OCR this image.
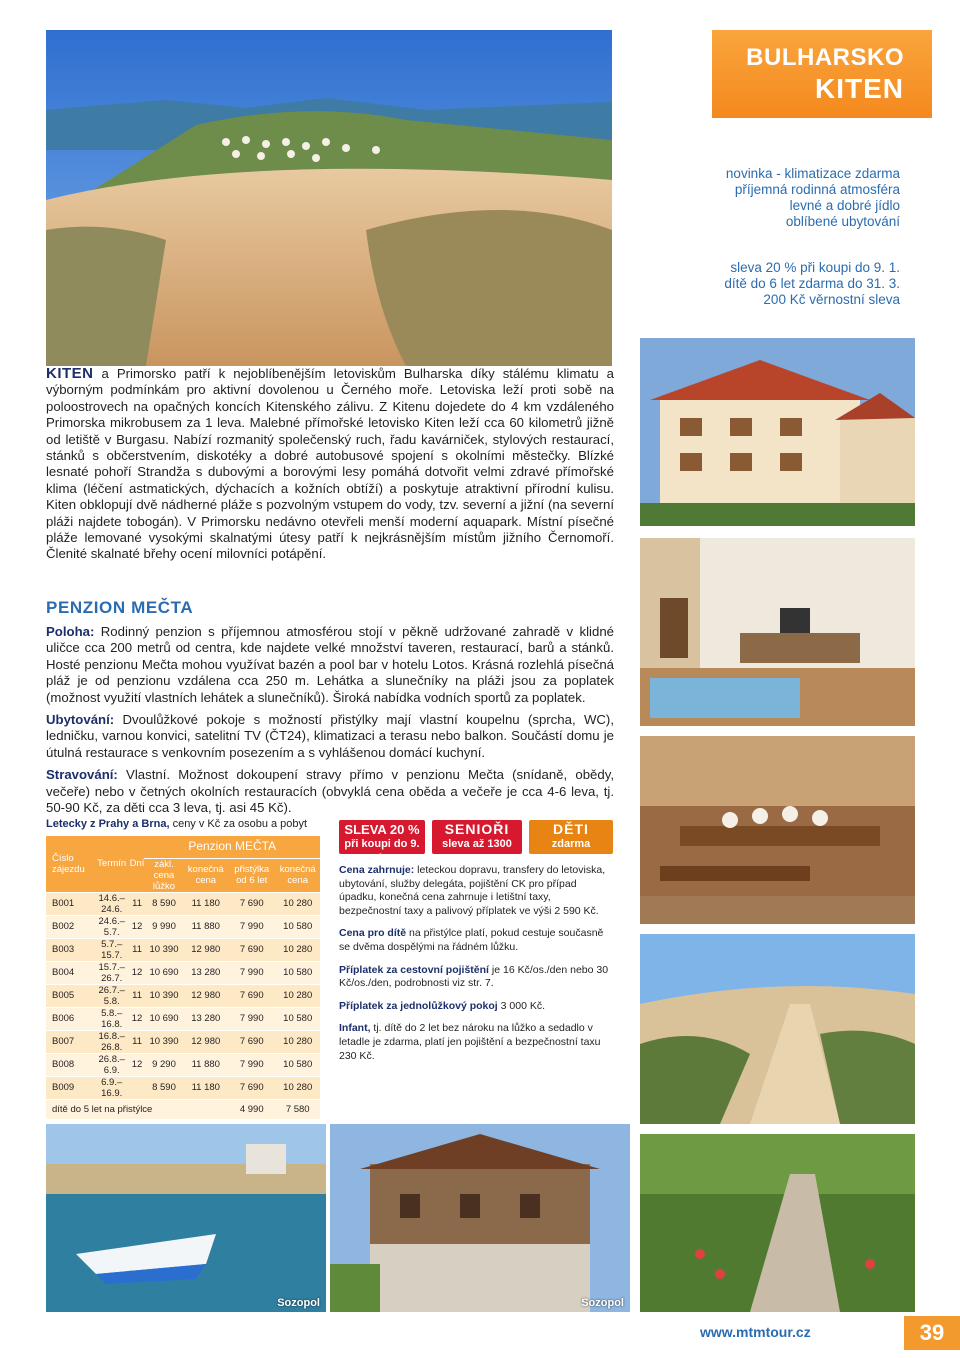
BULHARSKO
KITEN
novinka - klimatizace zdarma
příjemná rodinná atmosféra
levné a dobré jídlo
oblíbené ubytování
sleva 20 % při koupi do 9. 1.
dítě do 6 let zdarma do 31. 3.
200 Kč věrnostní sleva
KITEN a Primorsko patří k nejoblíbenějším letoviskům Bulharska díky stálému klimatu a výborným podmínkám pro aktivní dovolenou u Černého moře. Letoviska leží proti sobě na poloostrovech na opačných koncích Kitenského zálivu. Z Kitenu dojedete do 4 km vzdáleného Primorska mikrobusem za 1 leva. Malebné přímořské letovisko Kiten leží cca 60 kilometrů jižně od letiště v Burgasu. Nabízí rozmanitý společenský ruch, řadu kavárniček, stylových restaurací, stánků s občerstvením, diskotéky a dobré autobusové spojení s okolními městečky. Blízké lesnaté pohoří Strandža s dubovými a borovými lesy pomáhá dotvořit velmi zdravé přímořské klima (léčení astmatických, dýchacích a kožních obtíží) a poskytuje atraktivní přírodní kulisu. Kiten obklopují dvě nádherné pláže s pozvolným vstupem do vody, tzv. severní a jižní (na severní pláži najdete tobogán). V Primorsku nedávno otevřeli menší moderní aquapark. Místní písečné pláže lemované vysokými skalnatými útesy patří k nejkrásnějším místům jižního Černomoří. Členité skalnaté břehy ocení milovníci potápění.
PENZION MEČTA
Poloha: Rodinný penzion s příjemnou atmosférou stojí v pěkně udržované zahradě v klidné uličce cca 200 metrů od centra, kde najdete velké množství taveren, restaurací, barů a stánků. Hosté penzionu Mečta mohou využívat bazén a pool bar v hotelu Lotos. Krásná rozlehlá písečná pláž je od penzionu vzdálena cca 250 m. Lehátka a slunečníky na pláži jsou za poplatek (možnost využití vlastních lehátek a slunečníků). Široká nabídka vodních sportů za poplatek.
Ubytování: Dvoulůžkové pokoje s možností přistýlky mají vlastní koupelnu (sprcha, WC), ledničku, varnou konvici, satelitní TV (ČT24), klimatizaci a terasu nebo balkon. Součástí domu je útulná restaurace s venkovním posezením a s vyhlášenou domácí kuchyní.
Stravování: Vlastní. Možnost dokoupení stravy přímo v penzionu Mečta (snídaně, obědy, večeře) nebo v četných okolních restauracích (obvyklá cena oběda a večeře je cca 4-6 leva, tj. 50-90 Kč, za děti cca 3 leva, tj. asi 45 Kč).
Letecky z Prahy a Brna, ceny v Kč za osobu a pobyt
Číslo zájezdu	Termín	Dní	Penzion MEČTA			
			zákl. cena lůžko	konečná cena	přistýlka od 6 let	konečná cena
B001	14.6.–24.6.	11	8 590	11 180	7 690	10 280
B002	24.6.–5.7.	12	9 990	11 880	7 990	10 580
B003	5.7.–15.7.	11	10 390	12 980	7 690	10 280
B004	15.7.–26.7.	12	10 690	13 280	7 990	10 580
B005	26.7.–5.8.	11	10 390	12 980	7 690	10 280
B006	5.8.–16.8.	12	10 690	13 280	7 990	10 580
B007	16.8.–26.8.	11	10 390	12 980	7 690	10 280
B008	26.8.–6.9.	12	9 290	11 880	7 990	10 580
B009	6.9.–16.9.		8 590	11 180	7 690	10 280
dítě do 5 let na přistýlce					4 990	7 580
SLEVA 20 %
při koupi do 9. 1.
SENIOŘI
sleva až 1300
DĚTI
zdarma
Cena zahrnuje: leteckou dopravu, transfery do letoviska, ubytování, služby delegáta, pojištění CK pro případ úpadku, konečná cena zahrnuje i letištní taxy, bezpečnostní taxy a palivový příplatek ve výši 2 590 Kč.
Cena pro dítě na přistýlce platí, pokud cestuje současně se dvěma dospělými na řádném lůžku.
Příplatek za cestovní pojištění je 16 Kč/os./den nebo 30 Kč/os./den, podrobnosti viz str. 7.
Příplatek za jednolůžkový pokoj 3 000 Kč.
Infant, tj. dítě do 2 let bez nároku na lůžko a sedadlo v letadle je zdarma, platí jen pojištění a bezpečnostní taxu 230 Kč.
Sozopol	Sozopol
www.mtmtour.cz	39
